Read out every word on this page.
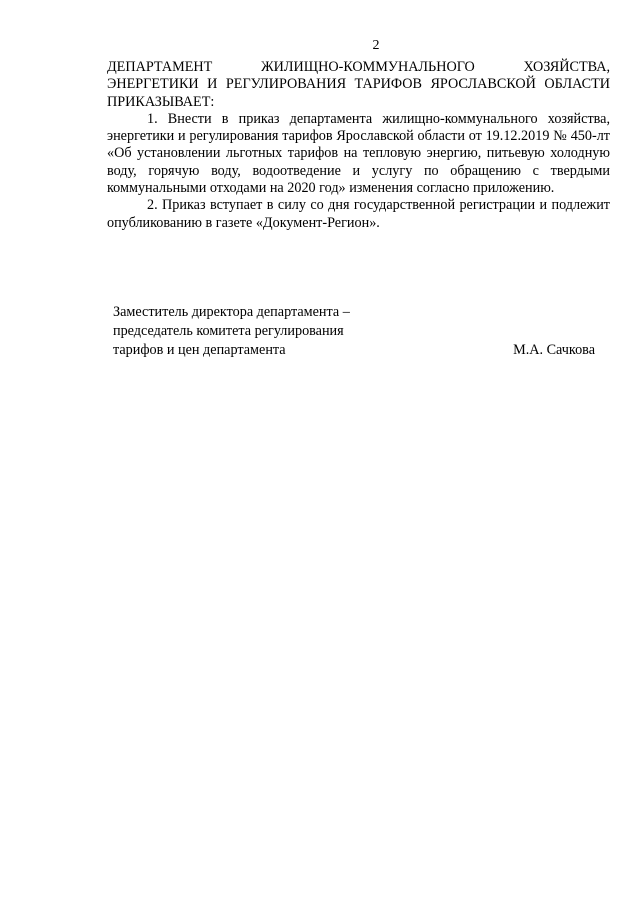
2

ДЕПАРТАМЕНТ ЖИЛИЩНО-КОММУНАЛЬНОГО ХОЗЯЙСТВА, ЭНЕРГЕТИКИ И РЕГУЛИРОВАНИЯ ТАРИФОВ ЯРОСЛАВСКОЙ ОБЛАСТИ ПРИКАЗЫВАЕТ:

1. Внести в приказ департамента жилищно-коммунального хозяйства, энергетики и регулирования тарифов Ярославской области от 19.12.2019 № 450-лт «Об установлении льготных тарифов на тепловую энергию, питьевую холодную воду, горячую воду, водоотведение и услугу по обращению с твердыми коммунальными отходами на 2020 год» изменения согласно приложению.

2. Приказ вступает в силу со дня государственной регистрации и подлежит опубликованию в газете «Документ-Регион».

Заместитель директора департамента –
председатель комитета регулирования
тарифов и цен департамента	М.А. Сачкова
